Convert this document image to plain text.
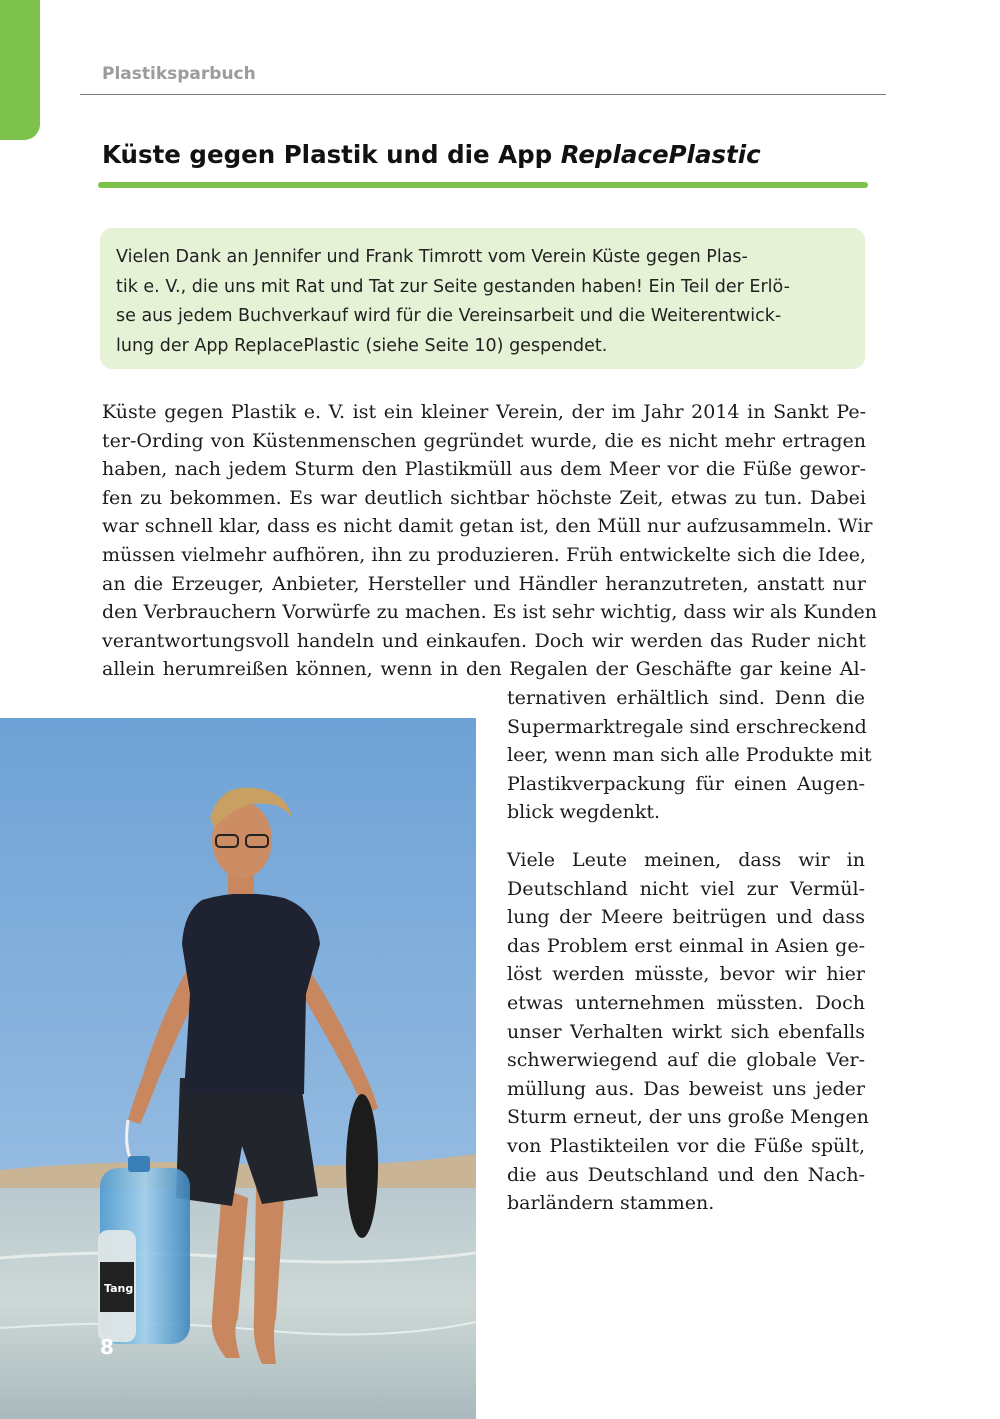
Plastiksparbuch
Küste gegen Plastik und die App ReplacePlastic
Vielen Dank an Jennifer und Frank Timrott vom Verein Küste gegen Plas-
tik e. V., die uns mit Rat und Tat zur Seite gestanden haben! Ein Teil der Erlö-
se aus jedem Buchverkauf wird für die Vereinsarbeit und die Weiterentwick-
lung der App ReplacePlastic (siehe Seite 10) gespendet.
Küste gegen Plastik e. V. ist ein kleiner Verein, der im Jahr 2014 in Sankt Pe-
ter-Ording von Küstenmenschen gegründet wurde, die es nicht mehr ertragen
haben, nach jedem Sturm den Plastikmüll aus dem Meer vor die Füße gewor-
fen zu bekommen. Es war deutlich sichtbar höchste Zeit, etwas zu tun. Dabei
war schnell klar, dass es nicht damit getan ist, den Müll nur aufzusammeln. Wir
müssen vielmehr aufhören, ihn zu produzieren. Früh entwickelte sich die Idee,
an die Erzeuger, Anbieter, Hersteller und Händler heranzutreten, anstatt nur
den Verbrauchern Vorwürfe zu machen. Es ist sehr wichtig, dass wir als Kunden
verantwortungsvoll handeln und einkaufen. Doch wir werden das Ruder nicht
allein herumreißen können, wenn in den Regalen der Geschäfte gar keine Al-
ternativen erhältlich sind. Denn die
Supermarktregale sind erschreckend
leer, wenn man sich alle Produkte mit
Plastikverpackung für einen Augen-
blick wegdenkt.
Viele Leute meinen, dass wir in
Deutschland nicht viel zur Vermül-
lung der Meere beitrügen und dass
das Problem erst einmal in Asien ge-
löst werden müsste, bevor wir hier
etwas unternehmen müssten. Doch
unser Verhalten wirkt sich ebenfalls
schwerwiegend auf die globale Ver-
müllung aus. Das beweist uns jeder
Sturm erneut, der uns große Mengen
von Plastikteilen vor die Füße spült,
die aus Deutschland und den Nach-
barländern stammen.
Tang
8
